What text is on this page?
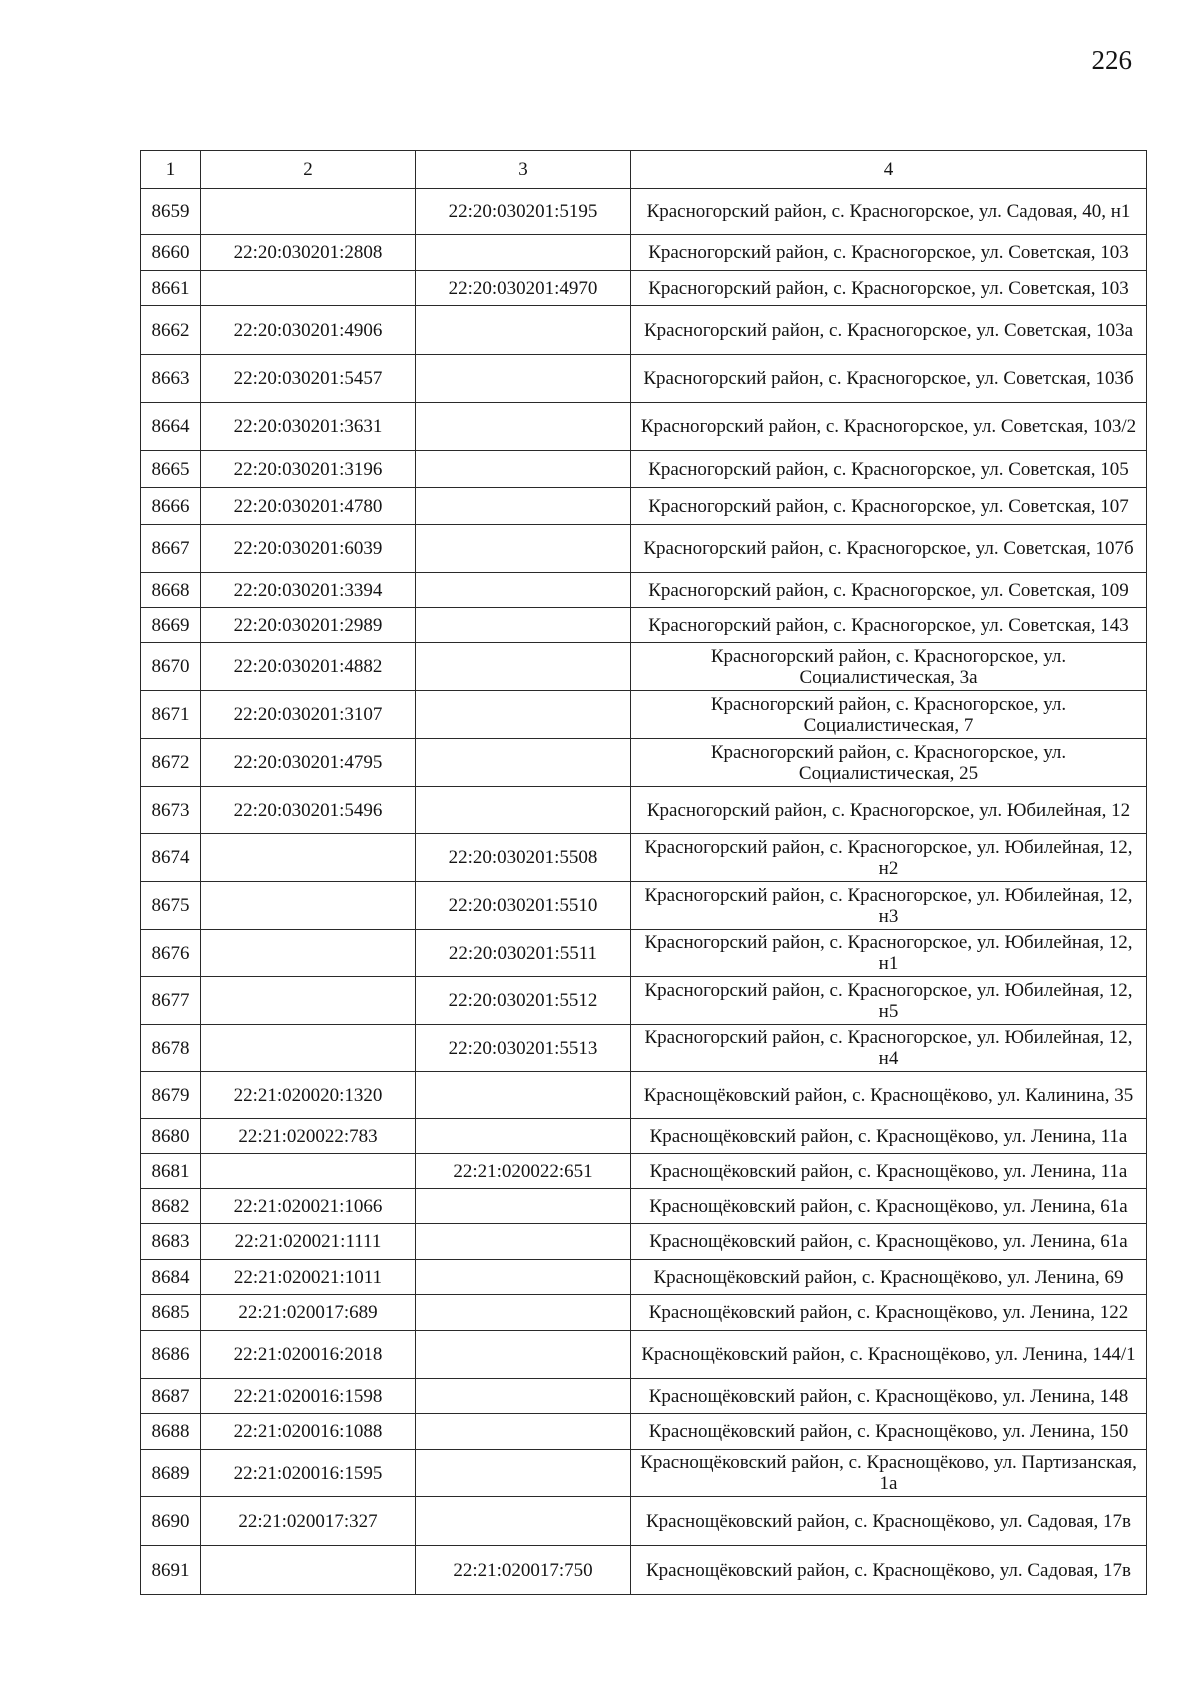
226
1	2	3	4
8659		22:20:030201:5195	Красногорский район, с. Красногорское, ул. Садовая, 40, н1
8660	22:20:030201:2808		Красногорский район, с. Красногорское, ул. Советская, 103
8661		22:20:030201:4970	Красногорский район, с. Красногорское, ул. Советская, 103
8662	22:20:030201:4906		Красногорский район, с. Красногорское, ул. Советская, 103а
8663	22:20:030201:5457		Красногорский район, с. Красногорское, ул. Советская, 103б
8664	22:20:030201:3631		Красногорский район, с. Красногорское, ул. Советская, 103/2
8665	22:20:030201:3196		Красногорский район, с. Красногорское, ул. Советская, 105
8666	22:20:030201:4780		Красногорский район, с. Красногорское, ул. Советская, 107
8667	22:20:030201:6039		Красногорский район, с. Красногорское, ул. Советская, 107б
8668	22:20:030201:3394		Красногорский район, с. Красногорское, ул. Советская, 109
8669	22:20:030201:2989		Красногорский район, с. Красногорское, ул. Советская, 143
8670	22:20:030201:4882		Красногорский район, с. Красногорское, ул. Социалистическая, 3а
8671	22:20:030201:3107		Красногорский район, с. Красногорское, ул. Социалистическая, 7
8672	22:20:030201:4795		Красногорский район, с. Красногорское, ул. Социалистическая, 25
8673	22:20:030201:5496		Красногорский район, с. Красногорское, ул. Юбилейная, 12
8674		22:20:030201:5508	Красногорский район, с. Красногорское, ул. Юбилейная, 12, н2
8675		22:20:030201:5510	Красногорский район, с. Красногорское, ул. Юбилейная, 12, н3
8676		22:20:030201:5511	Красногорский район, с. Красногорское, ул. Юбилейная, 12, н1
8677		22:20:030201:5512	Красногорский район, с. Красногорское, ул. Юбилейная, 12, н5
8678		22:20:030201:5513	Красногорский район, с. Красногорское, ул. Юбилейная, 12, н4
8679	22:21:020020:1320		Краснощёковский район, с. Краснощёково, ул. Калинина, 35
8680	22:21:020022:783		Краснощёковский район, с. Краснощёково, ул. Ленина, 11а
8681		22:21:020022:651	Краснощёковский район, с. Краснощёково, ул. Ленина, 11а
8682	22:21:020021:1066		Краснощёковский район, с. Краснощёково, ул. Ленина, 61а
8683	22:21:020021:1111		Краснощёковский район, с. Краснощёково, ул. Ленина, 61а
8684	22:21:020021:1011		Краснощёковский район, с. Краснощёково, ул. Ленина, 69
8685	22:21:020017:689		Краснощёковский район, с. Краснощёково, ул. Ленина, 122
8686	22:21:020016:2018		Краснощёковский район, с. Краснощёково, ул. Ленина, 144/1
8687	22:21:020016:1598		Краснощёковский район, с. Краснощёково, ул. Ленина, 148
8688	22:21:020016:1088		Краснощёковский район, с. Краснощёково, ул. Ленина, 150
8689	22:21:020016:1595		Краснощёковский район, с. Краснощёково, ул. Партизанская, 1а
8690	22:21:020017:327		Краснощёковский район, с. Краснощёково, ул. Садовая, 17в
8691		22:21:020017:750	Краснощёковский район, с. Краснощёково, ул. Садовая, 17в
